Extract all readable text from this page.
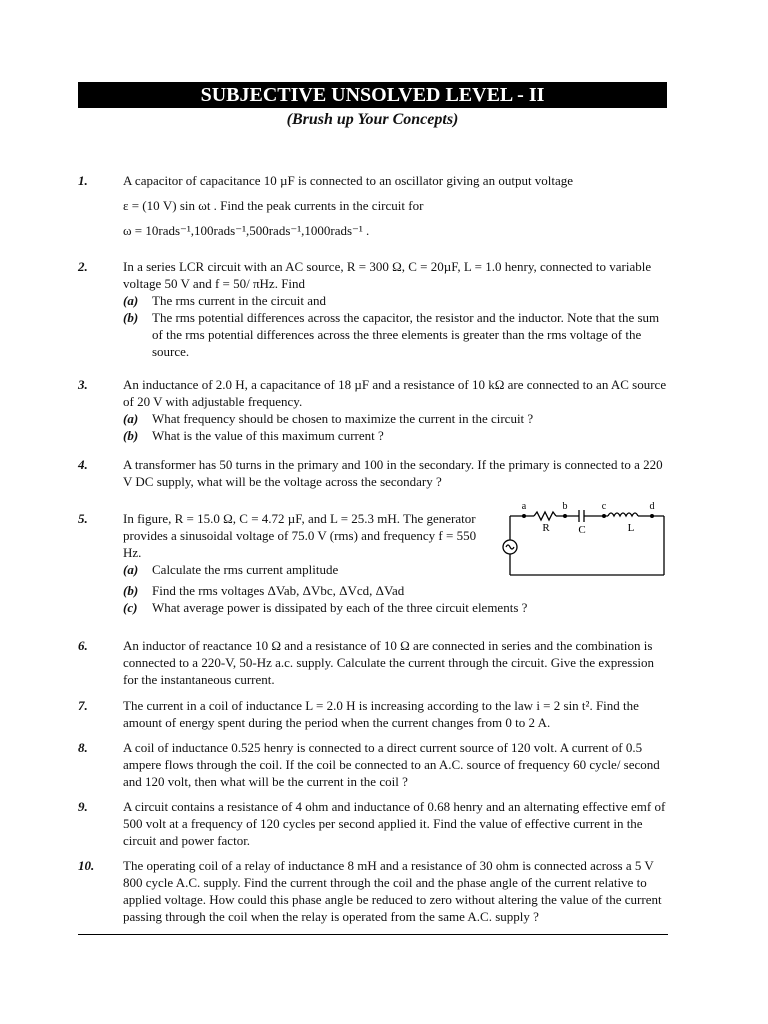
SUBJECTIVE UNSOLVED LEVEL - II
(Brush up Your Concepts)
1.	A capacitor of capacitance 10 µF is connected to an oscillator giving an output voltage
ε = (10 V) sin ωt . Find the peak currents in the circuit for
ω = 10rads⁻¹,100rads⁻¹,500rads⁻¹,1000rads⁻¹ .
2.	In a series LCR circuit with an AC source, R = 300 Ω, C = 20µF, L = 1.0 henry, connected to variable voltage 50 V and f = 50/ πHz. Find
(a)	The rms current in the circuit and
(b)	The rms potential differences across the capacitor, the resistor and the inductor. Note that the sum of the rms potential differences across the three elements is greater than the rms voltage of the source.
3.	An inductance of 2.0 H, a capacitance of 18 µF and a resistance of 10 kΩ are connected to an AC source of 20 V with adjustable frequency.
(a)	What frequency should be chosen to maximize the current in the circuit ?
(b)	What is the value of this maximum current ?
4.	A transformer has 50 turns in the primary and 100 in the secondary. If the primary is connected to a 220 V DC supply, what will be the voltage across the secondary ?
5.	In figure, R = 15.0 Ω, C = 4.72 µF, and L = 25.3 mH. The generator provides a sinusoidal voltage of 75.0 V (rms) and frequency f = 550 Hz.
(a)	Calculate the rms current amplitude
(b)	Find the rms voltages ΔVab, ΔVbc, ΔVcd, ΔVad
(c)	What average power is dissipated by each of the three circuit elements ?
a	b	c	d
R	C	L
6.	An inductor of reactance 10 Ω and a resistance of 10 Ω are connected in series and the combination is connected to a 220-V, 50-Hz a.c. supply. Calculate the current through the circuit. Give the expression for the instantaneous current.
7.	The current in a coil of inductance L = 2.0 H is increasing according to the law i = 2 sin t². Find the amount of energy spent during the period when the current changes from 0 to 2 A.
8.	A coil of inductance 0.525 henry is connected to a direct current source of 120 volt. A current of 0.5 ampere flows through the coil. If the coil be connected to an A.C. source of frequency 60 cycle/ second and 120 volt, then what will be the current in the coil ?
9.	A circuit contains a resistance of 4 ohm and inductance of 0.68 henry and an alternating effective emf of 500 volt at a frequency of 120 cycles per second applied it. Find the value of effective current in the circuit and power factor.
10.	The operating coil of a relay of inductance 8 mH and a resistance of 30 ohm is connected across a 5 V 800 cycle A.C. supply. Find the current through the coil and the phase angle of the current relative to applied voltage. How could this phase angle be reduced to zero without altering the value of the current passing through the coil when the relay is operated from the same A.C. supply ?
